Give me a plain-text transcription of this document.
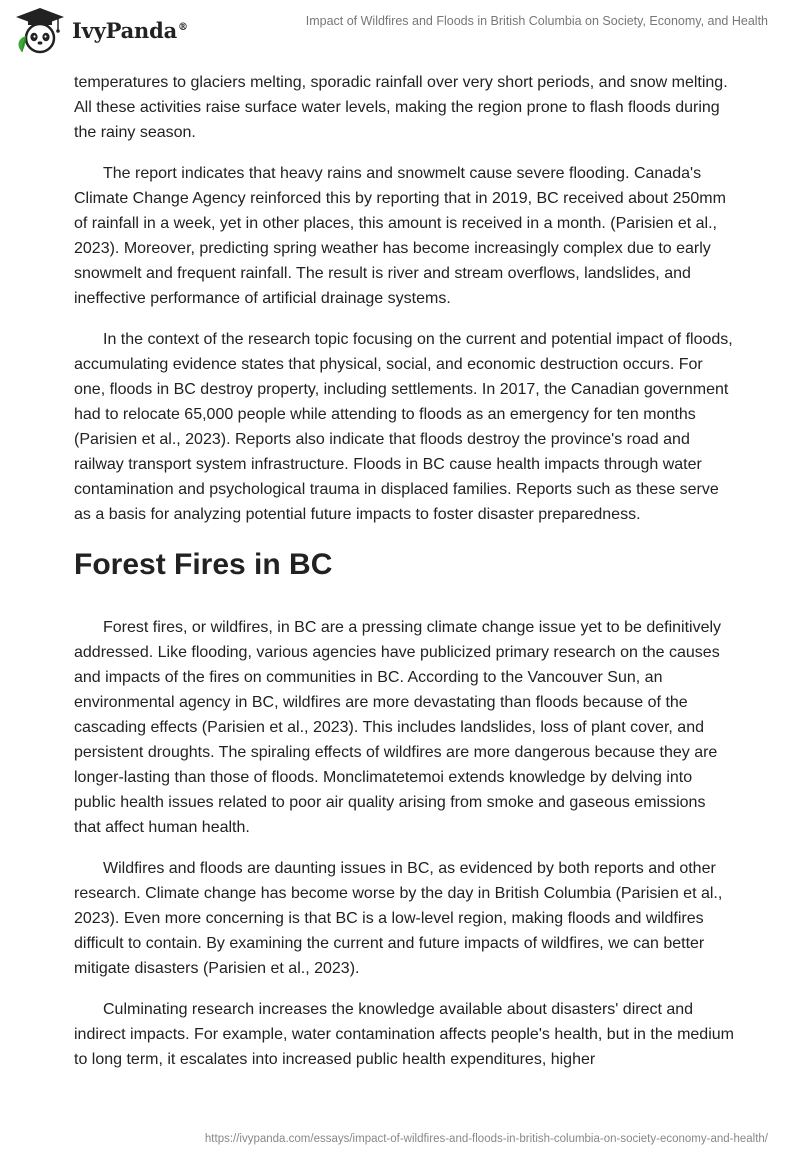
IvyPanda®	Impact of Wildfires and Floods in British Columbia on Society, Economy, and Health

temperatures to glaciers melting, sporadic rainfall over very short periods, and snow melting. All these activities raise surface water levels, making the region prone to flash floods during the rainy season.

The report indicates that heavy rains and snowmelt cause severe flooding. Canada's Climate Change Agency reinforced this by reporting that in 2019, BC received about 250mm of rainfall in a week, yet in other places, this amount is received in a month. (Parisien et al., 2023). Moreover, predicting spring weather has become increasingly complex due to early snowmelt and frequent rainfall. The result is river and stream overflows, landslides, and ineffective performance of artificial drainage systems.

In the context of the research topic focusing on the current and potential impact of floods, accumulating evidence states that physical, social, and economic destruction occurs. For one, floods in BC destroy property, including settlements. In 2017, the Canadian government had to relocate 65,000 people while attending to floods as an emergency for ten months (Parisien et al., 2023). Reports also indicate that floods destroy the province's road and railway transport system infrastructure. Floods in BC cause health impacts through water contamination and psychological trauma in displaced families. Reports such as these serve as a basis for analyzing potential future impacts to foster disaster preparedness.

Forest Fires in BC

Forest fires, or wildfires, in BC are a pressing climate change issue yet to be definitively addressed. Like flooding, various agencies have publicized primary research on the causes and impacts of the fires on communities in BC. According to the Vancouver Sun, an environmental agency in BC, wildfires are more devastating than floods because of the cascading effects (Parisien et al., 2023). This includes landslides, loss of plant cover, and persistent droughts. The spiraling effects of wildfires are more dangerous because they are longer-lasting than those of floods. Monclimatetemoi extends knowledge by delving into public health issues related to poor air quality arising from smoke and gaseous emissions that affect human health.

Wildfires and floods are daunting issues in BC, as evidenced by both reports and other research. Climate change has become worse by the day in British Columbia (Parisien et al., 2023). Even more concerning is that BC is a low-level region, making floods and wildfires difficult to contain. By examining the current and future impacts of wildfires, we can better mitigate disasters (Parisien et al., 2023).

Culminating research increases the knowledge available about disasters' direct and indirect impacts. For example, water contamination affects people's health, but in the medium to long term, it escalates into increased public health expenditures, higher

https://ivypanda.com/essays/impact-of-wildfires-and-floods-in-british-columbia-on-society-economy-and-health/
